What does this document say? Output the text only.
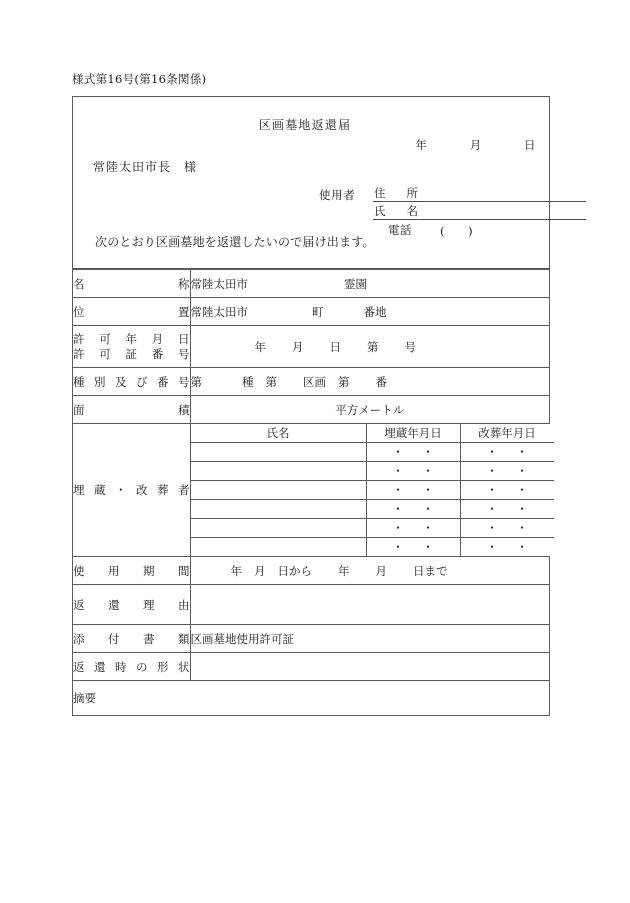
様式第16号(第16条関係)
区画墓地返還届
年	月	日
常陸太田市長 様
使用者 住 所
氏 名
電話 ( )
次のとおり区画墓地を返還したいので届け出ます。
名	称	常陸太田市	霊園

位	置	常陸太田市	町	番地

許 可 年 月 日
許 可 証 番 号	年 月 日 第 号

種 別 及 び 番 号	第	種 第 区画 第 番

面	積	平方メートル

埋 蔵 ・ 改 葬 者

氏名	埋蔵年月日	改葬年月日
	・ ・	・ ・
	・ ・	・ ・
	・ ・	・ ・
	・ ・	・ ・
	・ ・	・ ・
	・ ・	・ ・

使 用 期 間	年 月 日から 年 月 日まで

返 還 理 由

添 付 書 類	区画墓地使用許可証

返 還 時 の 形 状

摘要
